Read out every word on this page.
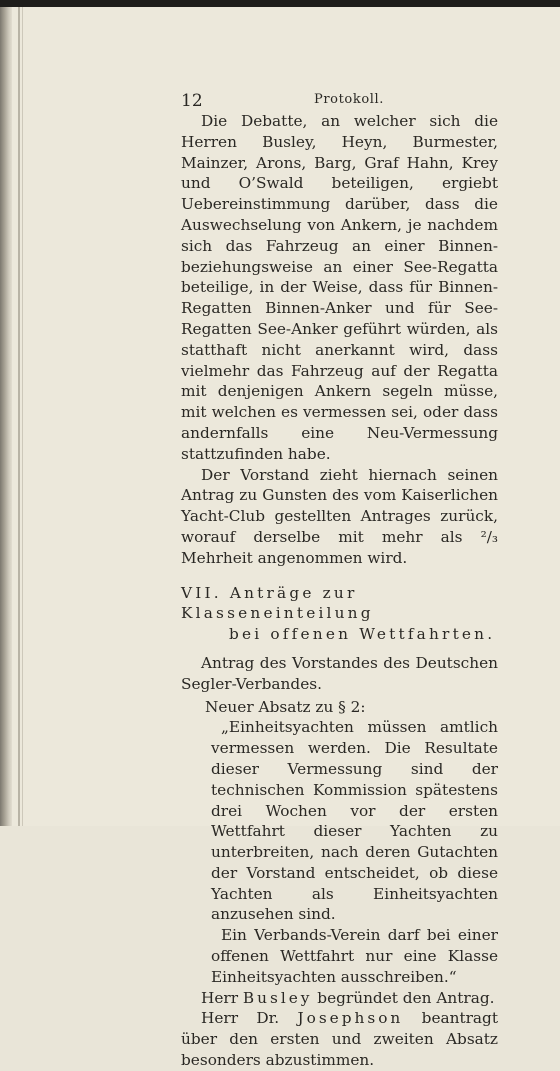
12	Protokoll.

Die Debatte, an welcher sich die Herren Busley, Heyn, Burmester, Mainzer, Arons, Barg, Graf Hahn, Krey und O’Swald beteiligen, ergiebt Uebereinstimmung darüber, dass die Auswechselung von Ankern, je nachdem sich das Fahrzeug an einer Binnen- beziehungsweise an einer See-Regatta beteilige, in der Weise, dass für Binnen-Regatten Binnen-Anker und für See-Regatten See-Anker geführt würden, als statthaft nicht anerkannt wird, dass vielmehr das Fahrzeug auf der Regatta mit denjenigen Ankern segeln müsse, mit welchen es vermessen sei, oder dass andernfalls eine Neu-Vermessung stattzufinden habe.

Der Vorstand zieht hiernach seinen Antrag zu Gunsten des vom Kaiserlichen Yacht-Club gestellten Antrages zurück, worauf derselbe mit mehr als ²/₃ Mehrheit angenommen wird.

VII. Anträge zur Klasseneinteilung
bei offenen Wettfahrten.

Antrag des Vorstandes des Deutschen Segler-Verbandes.

Neuer Absatz zu § 2:

„Einheitsyachten müssen amtlich vermessen werden. Die Resultate dieser Vermessung sind der technischen Kommission spätestens drei Wochen vor der ersten Wettfahrt dieser Yachten zu unterbreiten, nach deren Gutachten der Vorstand entscheidet, ob diese Yachten als Einheitsyachten anzusehen sind.

Ein Verbands-Verein darf bei einer offenen Wettfahrt nur eine Klasse Einheitsyachten ausschreiben.“

Herr Busley begründet den Antrag.

Herr Dr. Josephson beantragt über den ersten und zweiten Absatz besonders abzustimmen.
